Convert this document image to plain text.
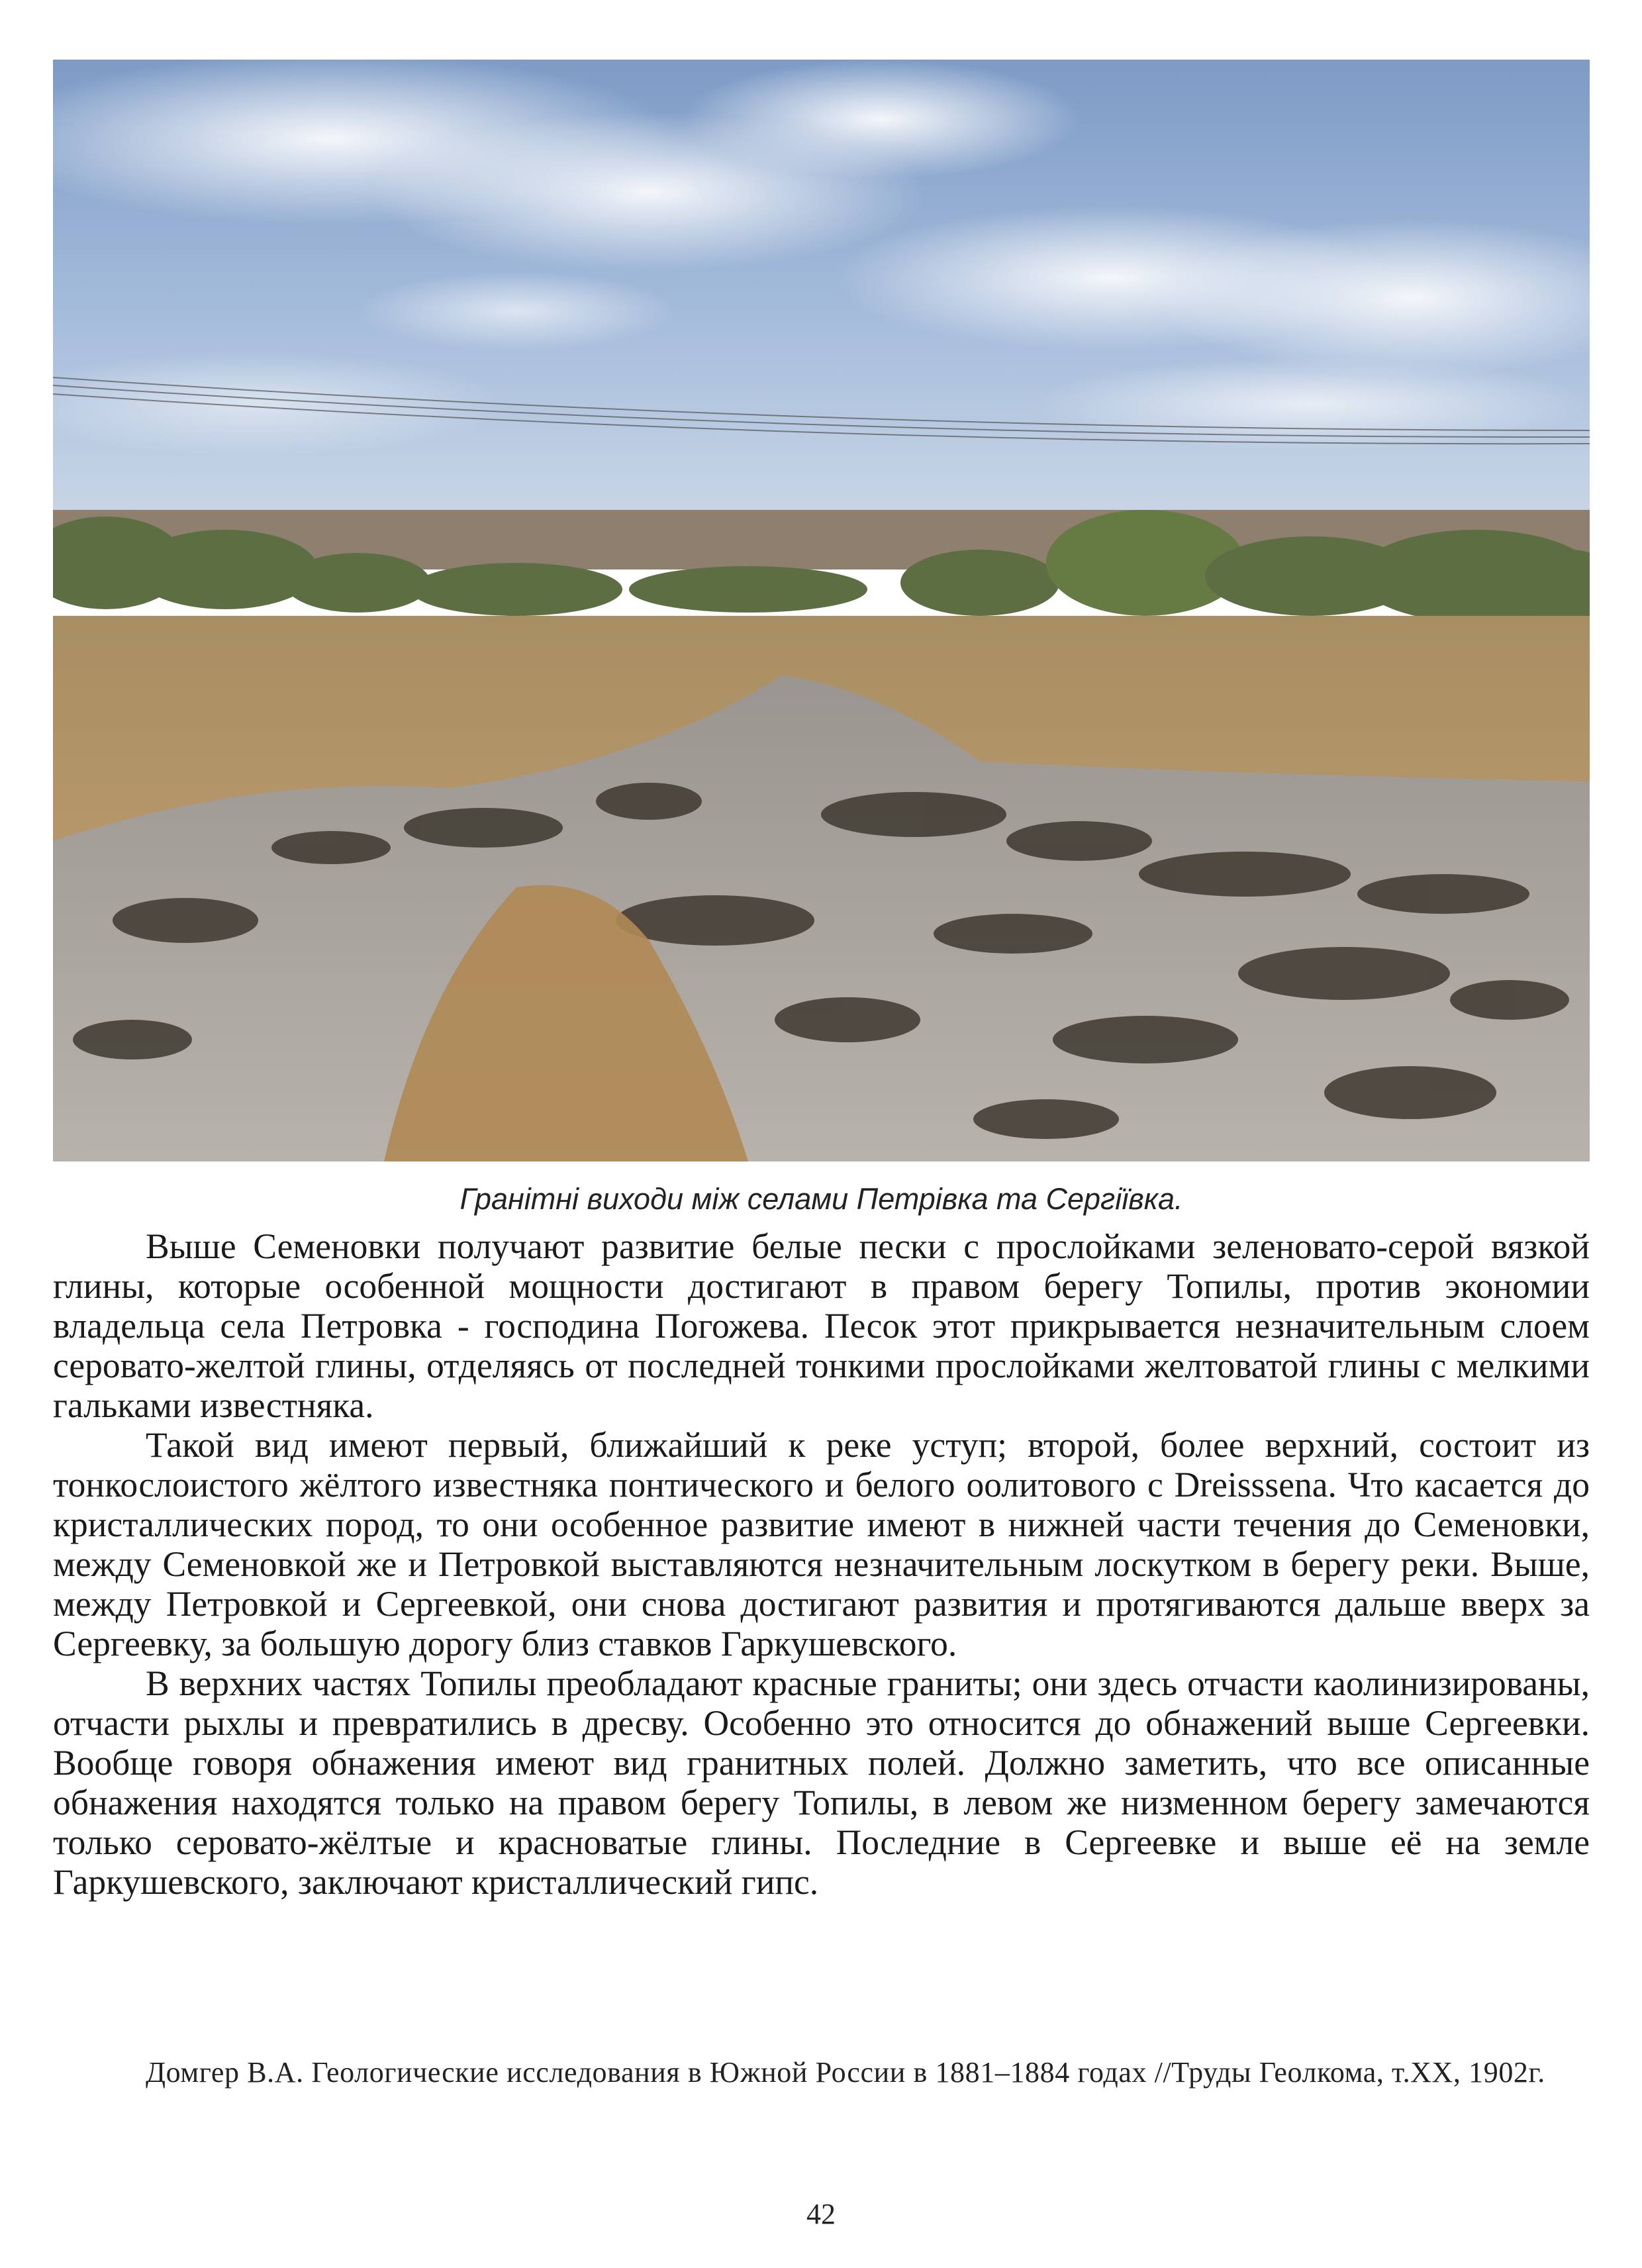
Гранітні виходи між селами Петрівка та Сергіївка.

Выше Семеновки получают развитие белые пески с прослойками зеленовато-серой вязкой глины, которые особенной мощности достигают в правом берегу Топилы, против экономии владельца села Петровка - господина Погожева. Песок этот прикрывается незначительным слоем серовато-желтой глины, отделяясь от последней тонкими прослойками желтоватой глины с мелкими гальками известняка.

Такой вид имеют первый, ближайший к реке уступ; второй, более верхний, состоит из тонкослоистого жёлтого известняка понтического и белого оолитового с Dreisssena. Что касается до кристаллических пород, то они особенное развитие имеют в нижней части течения до Семеновки, между Семеновкой же и Петровкой выставляются незначительным лоскутком в берегу реки. Выше, между Петровкой и Сергеевкой, они снова достигают развития и протягиваются дальше вверх за Сергеевку, за большую дорогу близ ставков Гаркушевского.

В верхних частях Топилы преобладают красные граниты; они здесь отчасти каолинизированы, отчасти рыхлы и превратились в дресву. Особенно это относится до обнажений выше Сергеевки. Вообще говоря обнажения имеют вид гранитных полей. Должно заметить, что все описанные обнажения находятся только на правом берегу Топилы, в левом же низменном берегу замечаются только серовато-жёлтые и красноватые глины. Последние в Сергеевке и выше её на земле Гаркушевского, заключают кристаллический гипс.

Домгер В.А. Геологические исследования в Южной России в 1881–1884 годах //Труды Геолкома, т.XX, 1902г.
42
